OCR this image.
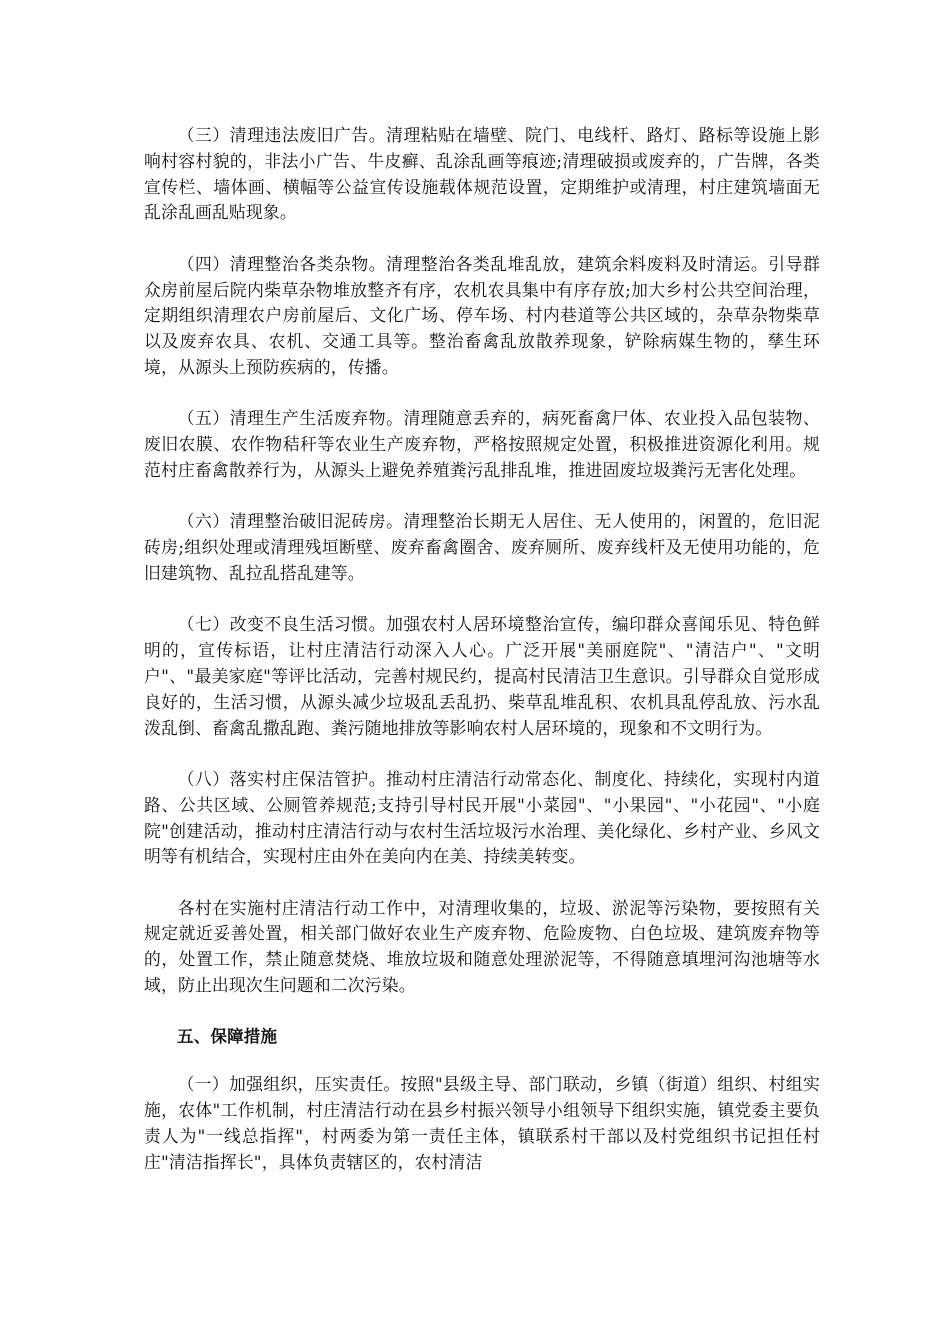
（三）清理违法废旧广告。清理粘贴在墙壁、院门、电线杆、路灯、路标等设施上影响村容村貌的，非法小广告、牛皮癣、乱涂乱画等痕迹;清理破损或废弃的，广告牌，各类宣传栏、墙体画、横幅等公益宣传设施载体规范设置，定期维护或清理，村庄建筑墙面无乱涂乱画乱贴现象。

（四）清理整治各类杂物。清理整治各类乱堆乱放，建筑余料废料及时清运。引导群众房前屋后院内柴草杂物堆放整齐有序，农机农具集中有序存放;加大乡村公共空间治理，定期组织清理农户房前屋后、文化广场、停车场、村内巷道等公共区域的，杂草杂物柴草以及废弃农具、农机、交通工具等。整治畜禽乱放散养现象，铲除病媒生物的，孳生环境，从源头上预防疾病的，传播。

（五）清理生产生活废弃物。清理随意丢弃的，病死畜禽尸体、农业投入品包装物、废旧农膜、农作物秸秆等农业生产废弃物，严格按照规定处置，积极推进资源化利用。规范村庄畜禽散养行为，从源头上避免养殖粪污乱排乱堆，推进固废垃圾粪污无害化处理。

（六）清理整治破旧泥砖房。清理整治长期无人居住、无人使用的，闲置的，危旧泥砖房;组织处理或清理残垣断壁、废弃畜禽圈舍、废弃厕所、废弃线杆及无使用功能的，危旧建筑物、乱拉乱搭乱建等。

（七）改变不良生活习惯。加强农村人居环境整治宣传，编印群众喜闻乐见、特色鲜明的，宣传标语，让村庄清洁行动深入人心。广泛开展"美丽庭院"、"清洁户"、"文明户"、"最美家庭"等评比活动，完善村规民约，提高村民清洁卫生意识。引导群众自觉形成良好的，生活习惯，从源头减少垃圾乱丢乱扔、柴草乱堆乱积、农机具乱停乱放、污水乱泼乱倒、畜禽乱撒乱跑、粪污随地排放等影响农村人居环境的，现象和不文明行为。

（八）落实村庄保洁管护。推动村庄清洁行动常态化、制度化、持续化，实现村内道路、公共区域、公厕管养规范;支持引导村民开展"小菜园"、"小果园"、"小花园"、"小庭院"创建活动，推动村庄清洁行动与农村生活垃圾污水治理、美化绿化、乡村产业、乡风文明等有机结合，实现村庄由外在美向内在美、持续美转变。

各村在实施村庄清洁行动工作中，对清理收集的，垃圾、淤泥等污染物，要按照有关规定就近妥善处置，相关部门做好农业生产废弃物、危险废物、白色垃圾、建筑废弃物等的，处置工作，禁止随意焚烧、堆放垃圾和随意处理淤泥等，不得随意填埋河沟池塘等水域，防止出现次生问题和二次污染。

五、保障措施

（一）加强组织，压实责任。按照"县级主导、部门联动，乡镇（街道）组织、村组实施，农体"工作机制，村庄清洁行动在县乡村振兴领导小组领导下组织实施，镇党委主要负责人为"一线总指挥"，村两委为第一责任主体，镇联系村干部以及村党组织书记担任村庄"清洁指挥长"，具体负责辖区的，农村清洁
